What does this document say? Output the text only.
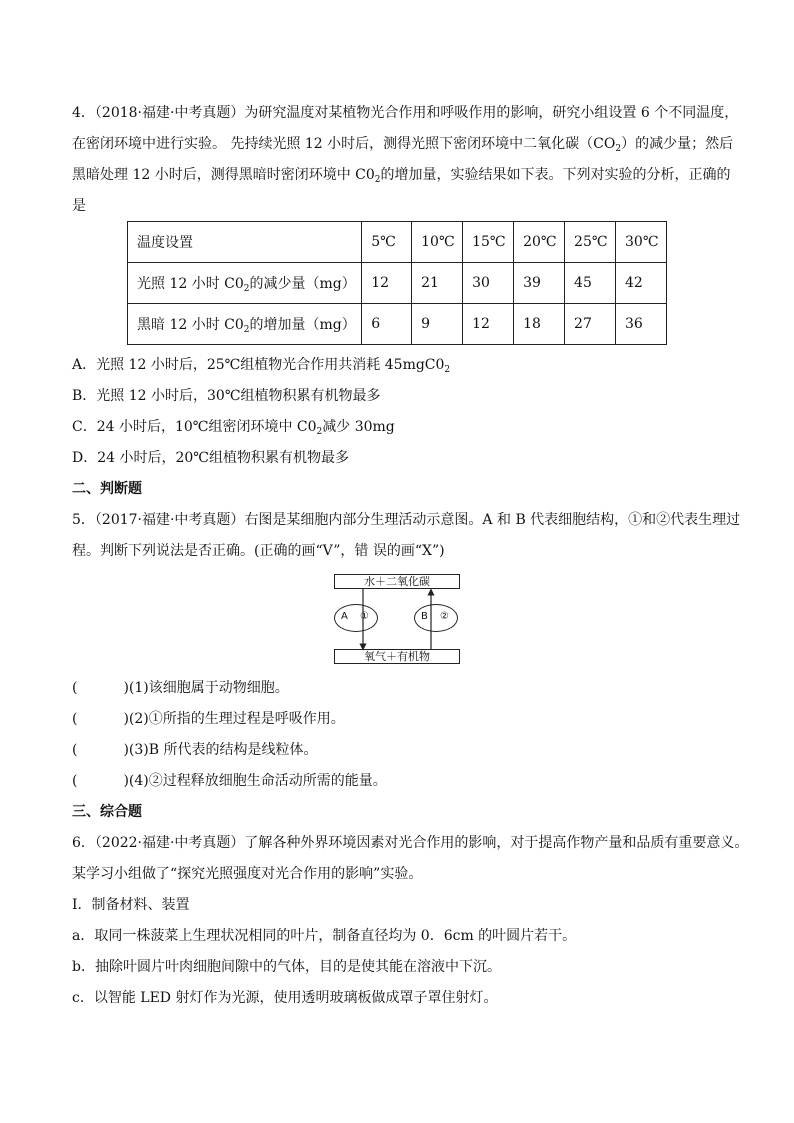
4．（2018·福建·中考真题）为研究温度对某植物光合作用和呼吸作用的影响，研究小组设置 6 个不同温度，
在密闭环境中进行实验。 先持续光照 12 小时后，测得光照下密闭环境中二氧化碳$(CO_2)$的减少量；然后
黑暗处理 12 小时后，测得黑暗时密闭环境中 $C0_2$的增加量，实验结果如下表。下列对实验的分析，正确的
是
温度设置	5℃	10℃	15℃	20℃	25℃	30℃
光照 12 小时 $C0_2$的减少量（mg）	12	21	30	39	45	42
黑暗 12 小时 $C0_2$的增加量（mg）	6	9	12	18	27	36
A．光照 12 小时后，25℃组植物光合作用共消耗 $45mgC0_2$
B．光照 12 小时后，30℃组植物积累有机物最多
C．24 小时后，10℃组密闭环境中 $C0_2$减少 30mg
D．24 小时后，20℃组植物积累有机物最多
二、判断题
5．（2017·福建·中考真题）右图是某细胞内部分生理活动示意图。A 和 B 代表细胞结构，①和②代表生理过
程。判断下列说法是否正确。(正确的画“V”，错 误的画“X”)
水＋二氧化碳
氧气＋有机物
A ①	B ②
(	)(1)该细胞属于动物细胞。
(	)(2)①所指的生理过程是呼吸作用。
(	)(3)B 所代表的结构是线粒体。
(	)(4)②过程释放细胞生命活动所需的能量。
三、综合题
6．（2022·福建·中考真题）了解各种外界环境因素对光合作用的影响，对于提高作物产量和品质有重要意义。
某学习小组做了“探究光照强度对光合作用的影响”实验。
Ⅰ．制备材料、装置
a．取同一株菠菜上生理状况相同的叶片，制备直径均为 0．6cm 的叶圆片若干。
b．抽除叶圆片叶肉细胞间隙中的气体，目的是使其能在溶液中下沉。
c．以智能 LED 射灯作为光源，使用透明玻璃板做成罩子罩住射灯。
